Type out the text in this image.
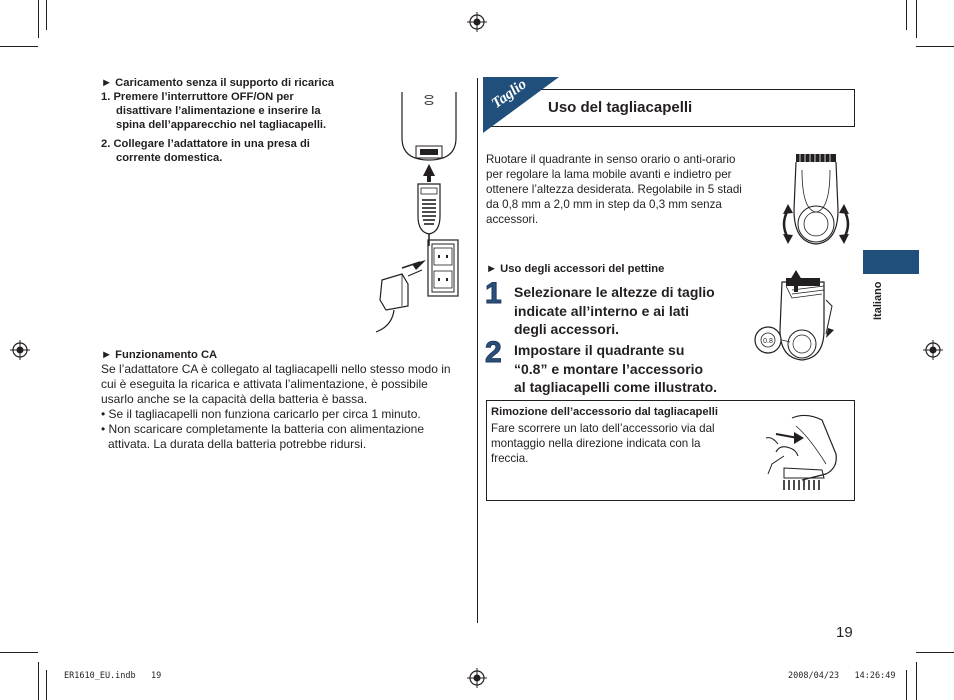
► Caricamento senza il supporto di ricarica
1. Premere l’interruttore OFF/ON per
disattivare l’alimentazione e inserire la
spina dell’apparecchio nel tagliacapelli.
2. Collegare l’adattatore in una presa di
corrente domestica.
► Funzionamento CA
Se l’adattatore CA è collegato al tagliacapelli nello stesso modo in
cui è eseguita la ricarica e attivata l’alimentazione, è possibile
usarlo anche se la capacità della batteria è bassa.
• Se il tagliacapelli non funziona caricarlo per circa 1 minuto.
• Non scaricare completamente la batteria con alimentazione
attivata. La durata della batteria potrebbe ridursi.
Taglio Uso del tagliacapelli
Ruotare il quadrante in senso orario o anti-orario
per regolare la lama mobile avanti e indietro per
ottenere l’altezza desiderata. Regolabile in 5 stadi
da 0,8 mm a 2,0 mm in step da 0,3 mm senza
accessori.
► Uso degli accessori del pettine
1 Selezionare le altezze di taglio
indicate all’interno e ai lati
degli accessori.
2 Impostare il quadrante su
“0.8” e montare l’accessorio
al tagliacapelli come illustrato.
0.8
Rimozione dell’accessorio dal tagliacapelli
Fare scorrere un lato dell’accessorio via dal
montaggio nella direzione indicata con la
freccia.
Italiano
19
ER1610_EU.indb   19	2008/04/23   14:26:49
